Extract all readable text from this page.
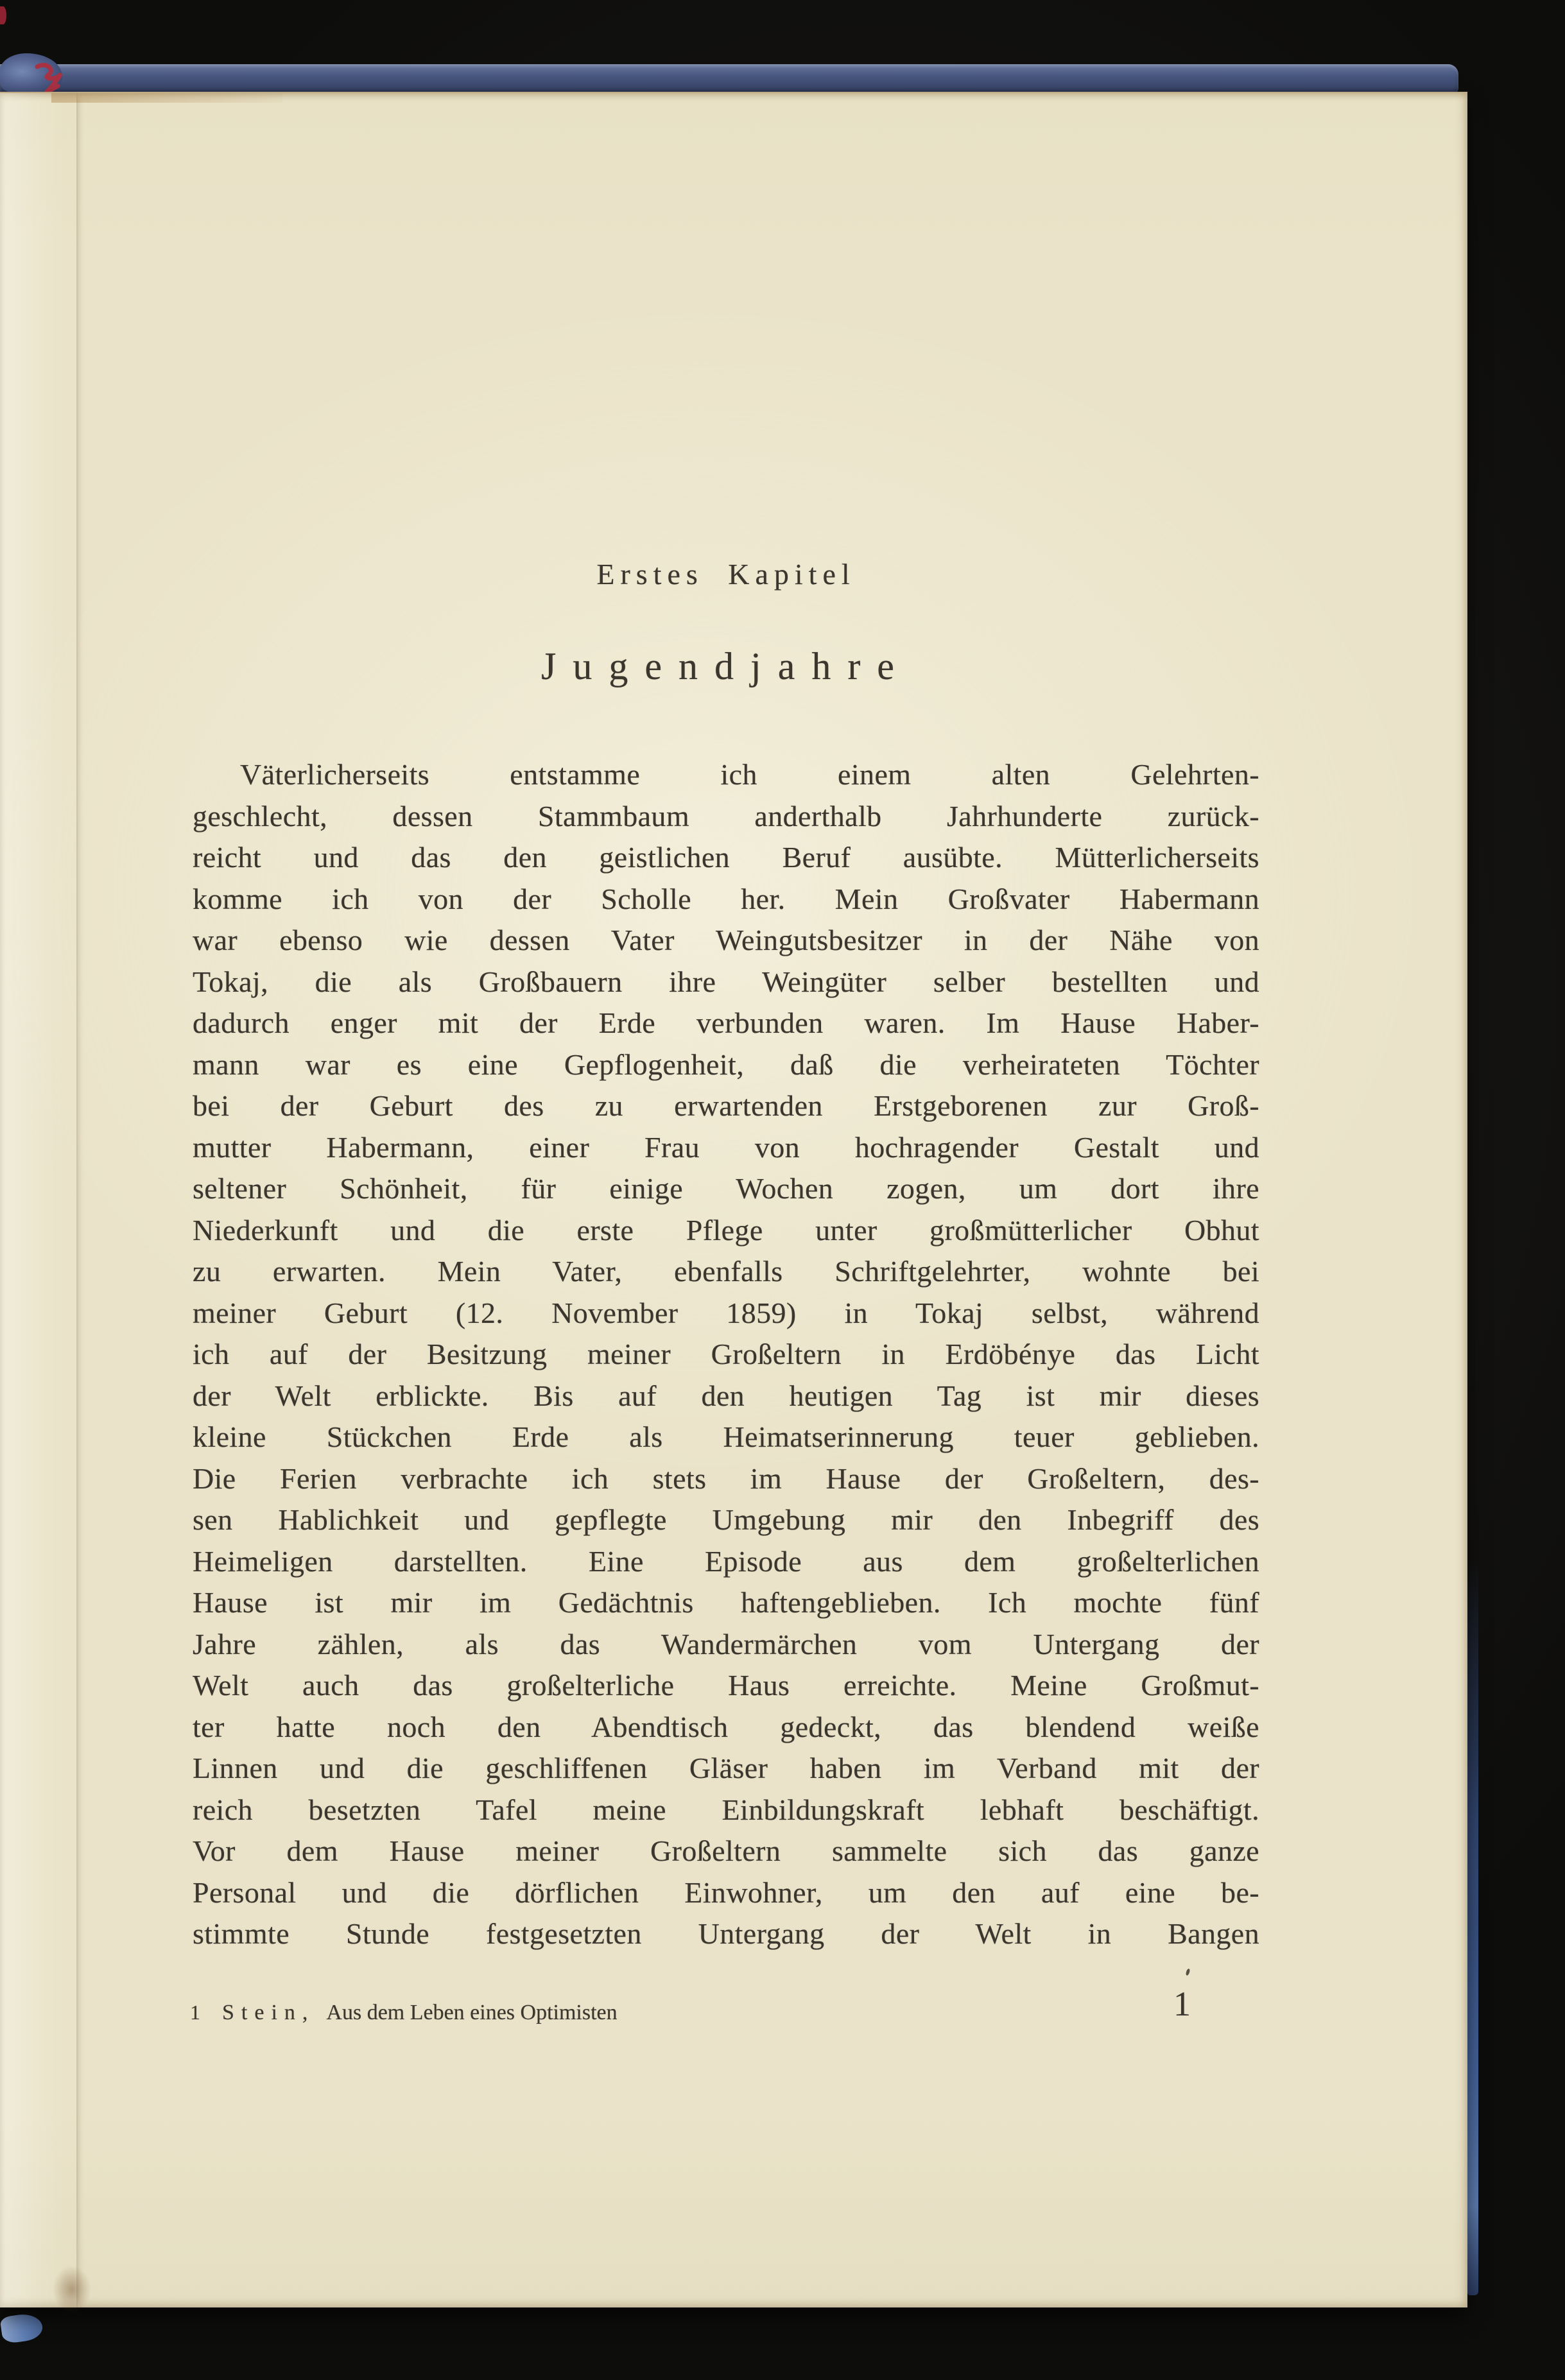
Erstes Kapitel
Jugendjahre
Väterlicherseits entstamme ich einem alten Gelehrten-
geschlecht, dessen Stammbaum anderthalb Jahrhunderte zurück-
reicht und das den geistlichen Beruf ausübte. Mütterlicherseits
komme ich von der Scholle her. Mein Großvater Habermann
war ebenso wie dessen Vater Weingutsbesitzer in der Nähe von
Tokaj, die als Großbauern ihre Weingüter selber bestellten und
dadurch enger mit der Erde verbunden waren. Im Hause Haber-
mann war es eine Gepflogenheit, daß die verheirateten Töchter
bei der Geburt des zu erwartenden Erstgeborenen zur Groß-
mutter Habermann, einer Frau von hochragender Gestalt und
seltener Schönheit, für einige Wochen zogen, um dort ihre
Niederkunft und die erste Pflege unter großmütterlicher Obhut
zu erwarten. Mein Vater, ebenfalls Schriftgelehrter, wohnte bei
meiner Geburt (12. November 1859) in Tokaj selbst, während
ich auf der Besitzung meiner Großeltern in Erdöbénye das Licht
der Welt erblickte. Bis auf den heutigen Tag ist mir dieses
kleine Stückchen Erde als Heimatserinnerung teuer geblieben.
Die Ferien verbrachte ich stets im Hause der Großeltern, des-
sen Hablichkeit und gepflegte Umgebung mir den Inbegriff des
Heimeligen darstellten. Eine Episode aus dem großelterlichen
Hause ist mir im Gedächtnis haftengeblieben. Ich mochte fünf
Jahre zählen, als das Wandermärchen vom Untergang der
Welt auch das großelterliche Haus erreichte. Meine Großmut-
ter hatte noch den Abendtisch gedeckt, das blendend weiße
Linnen und die geschliffenen Gläser haben im Verband mit der
reich besetzten Tafel meine Einbildungskraft lebhaft beschäftigt.
Vor dem Hause meiner Großeltern sammelte sich das ganze
Personal und die dörflichen Einwohner, um den auf eine be-
stimmte Stunde festgesetzten Untergang der Welt in Bangen
1 Stein, Aus dem Leben eines Optimisten	1
